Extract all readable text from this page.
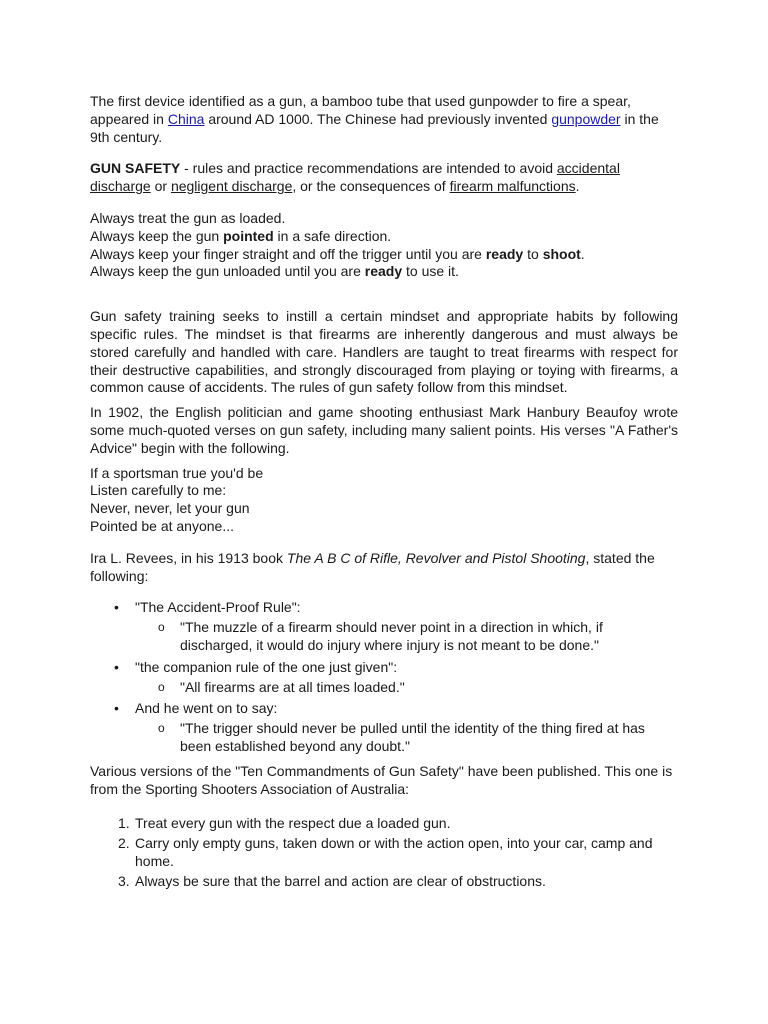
The first device identified as a gun, a bamboo tube that used gunpowder to fire a spear, appeared in China around AD 1000. The Chinese had previously invented gunpowder in the 9th century.

GUN SAFETY - rules and practice recommendations are intended to avoid accidental discharge or negligent discharge, or the consequences of firearm malfunctions.

Always treat the gun as loaded.

Always keep the gun pointed in a safe direction.

Always keep your finger straight and off the trigger until you are ready to shoot.

Always keep the gun unloaded until you are ready to use it.

Gun safety training seeks to instill a certain mindset and appropriate habits by following specific rules. The mindset is that firearms are inherently dangerous and must always be stored carefully and handled with care. Handlers are taught to treat firearms with respect for their destructive capabilities, and strongly discouraged from playing or toying with firearms, a common cause of accidents. The rules of gun safety follow from this mindset.

In 1902, the English politician and game shooting enthusiast Mark Hanbury Beaufoy wrote some much-quoted verses on gun safety, including many salient points. His verses "A Father's Advice" begin with the following.

If a sportsman true you'd be

Listen carefully to me:

Never, never, let your gun

Pointed be at anyone...

Ira L. Revees, in his 1913 book The A B C of Rifle, Revolver and Pistol Shooting, stated the following:

• "The Accident-Proof Rule":
o "The muzzle of a firearm should never point in a direction in which, if discharged, it would do injury where injury is not meant to be done."
• "the companion rule of the one just given":
o "All firearms are at all times loaded."
• And he went on to say:
o "The trigger should never be pulled until the identity of the thing fired at has been established beyond any doubt."

Various versions of the "Ten Commandments of Gun Safety" have been published. This one is from the Sporting Shooters Association of Australia:

1. Treat every gun with the respect due a loaded gun.
2. Carry only empty guns, taken down or with the action open, into your car, camp and home.
3. Always be sure that the barrel and action are clear of obstructions.
